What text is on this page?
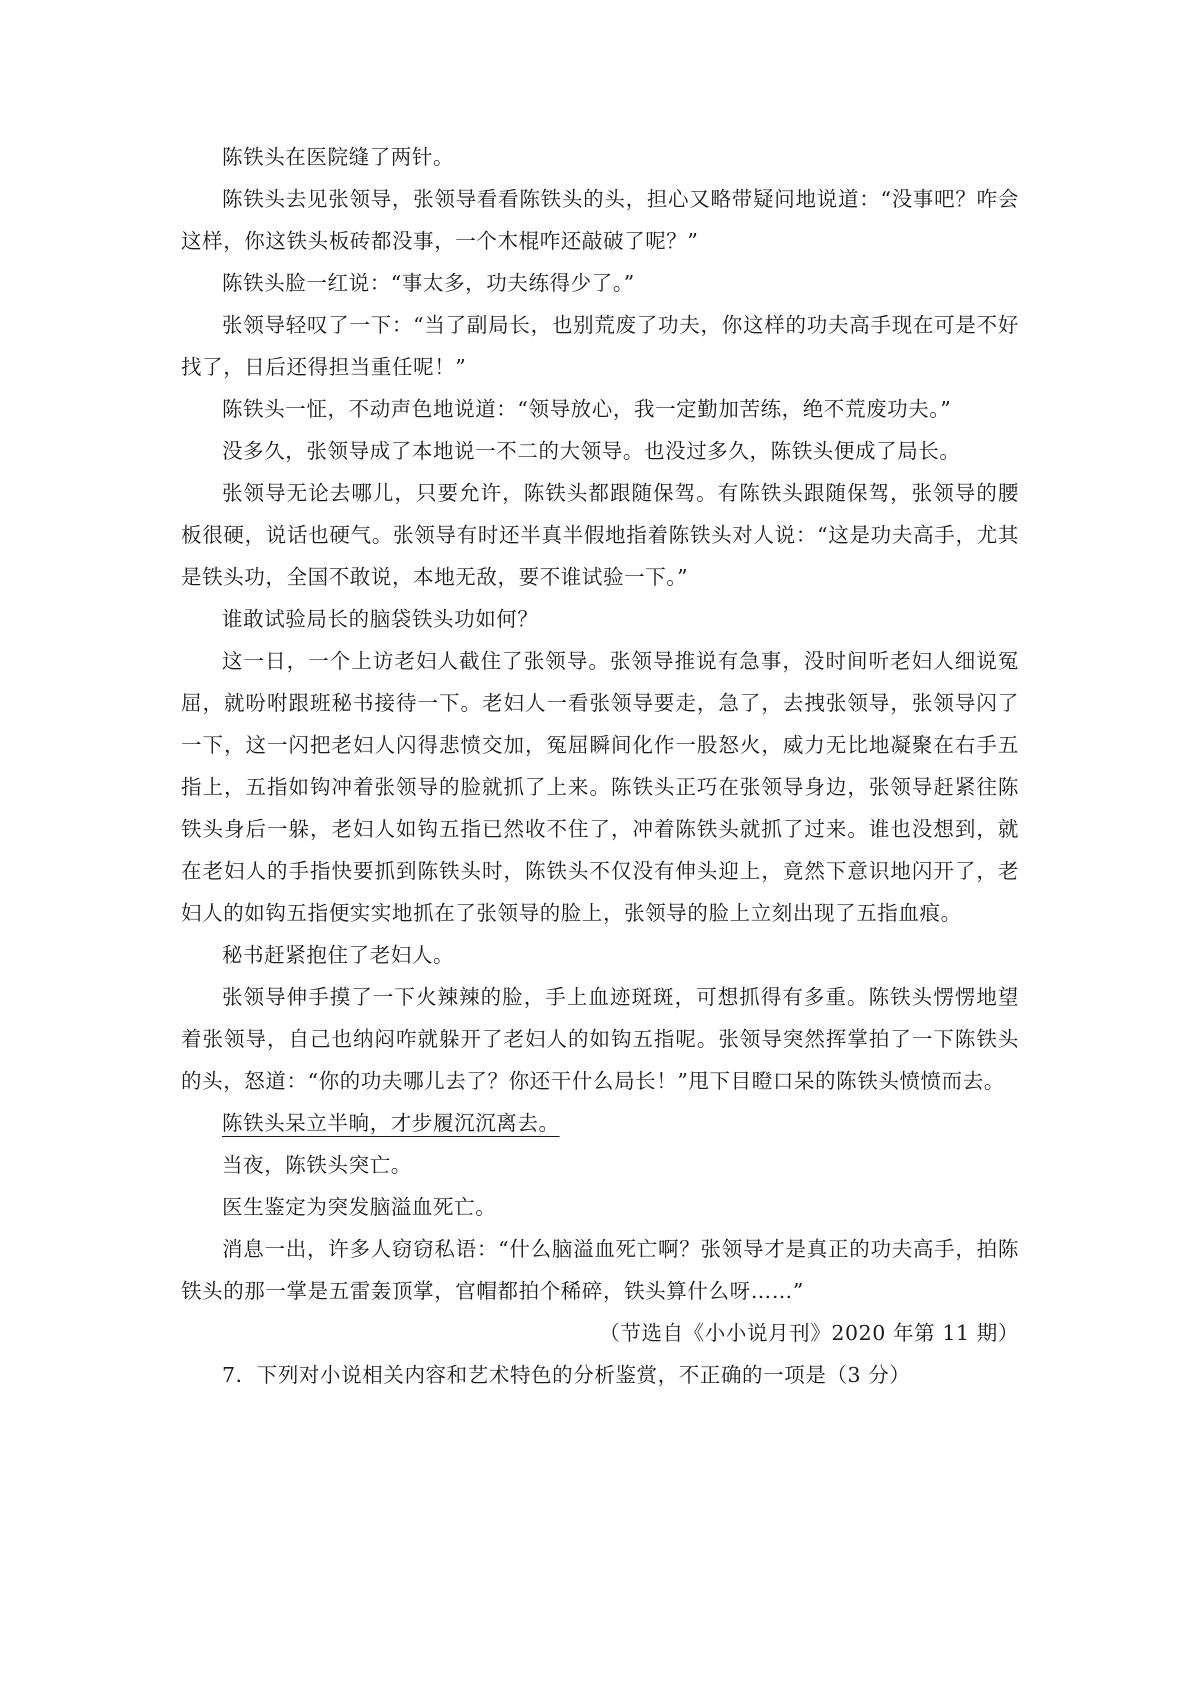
陈铁头在医院缝了两针。

陈铁头去见张领导，张领导看看陈铁头的头，担心又略带疑问地说道：“没事吧？咋会这样，你这铁头板砖都没事，一个木棍咋还敲破了呢？”

陈铁头脸一红说：“事太多，功夫练得少了。”

张领导轻叹了一下：“当了副局长，也别荒废了功夫，你这样的功夫高手现在可是不好找了，日后还得担当重任呢！”

陈铁头一怔，不动声色地说道：“领导放心，我一定勤加苦练，绝不荒废功夫。”

没多久，张领导成了本地说一不二的大领导。也没过多久，陈铁头便成了局长。

张领导无论去哪儿，只要允许，陈铁头都跟随保驾。有陈铁头跟随保驾，张领导的腰板很硬，说话也硬气。张领导有时还半真半假地指着陈铁头对人说：“这是功夫高手，尤其是铁头功，全国不敢说，本地无敌，要不谁试验一下。”

谁敢试验局长的脑袋铁头功如何？

这一日，一个上访老妇人截住了张领导。张领导推说有急事，没时间听老妇人细说冤屈，就吩咐跟班秘书接待一下。老妇人一看张领导要走，急了，去拽张领导，张领导闪了一下，这一闪把老妇人闪得悲愤交加，冤屈瞬间化作一股怒火，威力无比地凝聚在右手五指上，五指如钩冲着张领导的脸就抓了上来。陈铁头正巧在张领导身边，张领导赶紧往陈铁头身后一躲，老妇人如钩五指已然收不住了，冲着陈铁头就抓了过来。谁也没想到，就在老妇人的手指快要抓到陈铁头时，陈铁头不仅没有伸头迎上，竟然下意识地闪开了，老妇人的如钩五指便实实地抓在了张领导的脸上，张领导的脸上立刻出现了五指血痕。

秘书赶紧抱住了老妇人。

张领导伸手摸了一下火辣辣的脸，手上血迹斑斑，可想抓得有多重。陈铁头愣愣地望着张领导，自己也纳闷咋就躲开了老妇人的如钩五指呢。张领导突然挥掌拍了一下陈铁头的头，怒道：“你的功夫哪儿去了？你还干什么局长！”甩下目瞪口呆的陈铁头愤愤而去。

陈铁头呆立半晌，才步履沉沉离去。

当夜，陈铁头突亡。

医生鉴定为突发脑溢血死亡。

消息一出，许多人窃窃私语：“什么脑溢血死亡啊？张领导才是真正的功夫高手，拍陈铁头的那一掌是五雷轰顶掌，官帽都拍个稀碎，铁头算什么呀……”

（节选自《小小说月刊》2020 年第 11 期）

7．下列对小说相关内容和艺术特色的分析鉴赏，不正确的一项是（3 分）
